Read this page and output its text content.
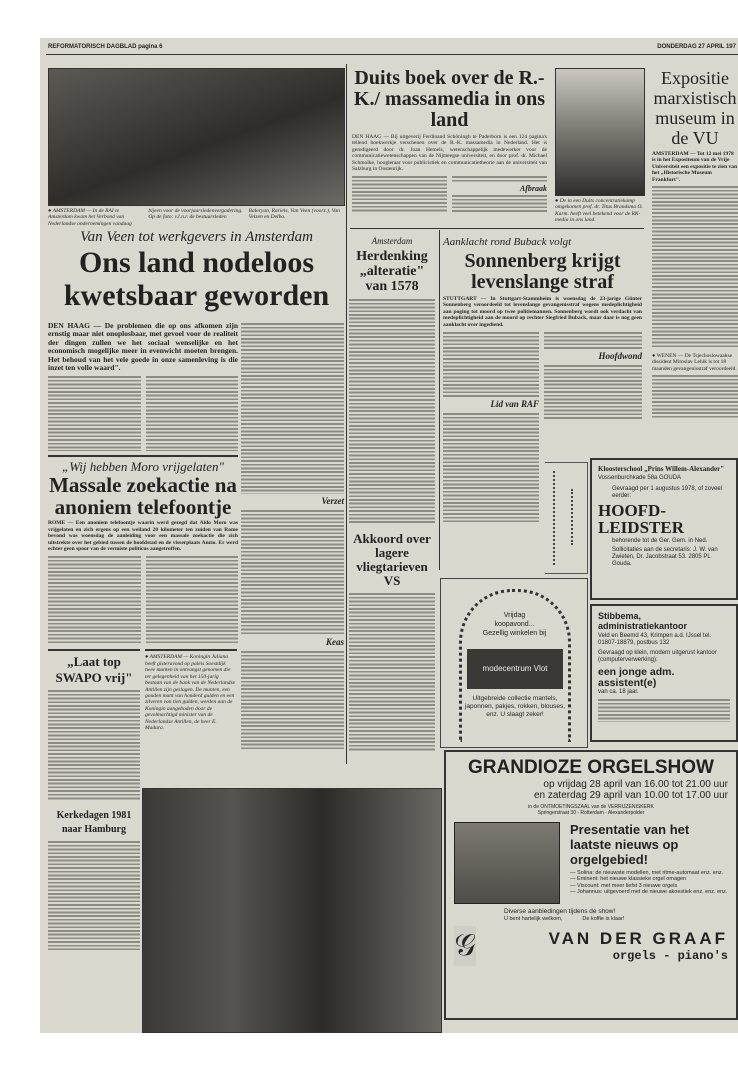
REFORMATORISCH DAGBLAD pagina 6	DONDERDAG 27 APRIL 197
● AMSTERDAM — In de RAI te Amsterdam kwam het Verbond van Nederlandse ondernemingen vandaag bijeen voor de voorjaarsledenvergadering. Op de foto: v.l.n.r. de bestuursleden Baleryan, Rariels, Van Veen (voorz.), Van Velzen en Delbo.
Van Veen tot werkgevers in Amsterdam
Ons land nodeloos kwetsbaar geworden
DEN HAAG — De problemen die op ons afkomen zijn ernstig maar niet onoplosbaar, met gevoel voor de realiteit der dingen zullen we het sociaal wenselijke en het economisch mogelijke meer in evenwicht moeten brengen. Het behoud van het vele goede in onze samenleving is die inzet ten volle waard".
„Wij hebben Moro vrijgelaten"
Massale zoekactie na anoniem telefoontje
ROME — Een anoniem telefoontje waarin werd gezegd dat Aldo Moro was vrijgelaten en zich ergens op een weiland 20 kilometer ten zuiden van Rome bevond was woensdag de aanleiding voor een massale zoekactie die zich uitstrekte over het gebied tussen de hoofdstad en de visserplaats Anzio. Er werd echter geen spoor van de vermiste politicus aangetroffen.
„Laat top SWAPO vrij"
Kerkedagen 1981 naar Hamburg
● AMSTERDAM — Koningin Juliana heeft gisteravond op paleis Soestdijk twee munten in ontvangst genomen die ter gelegenheid van het 150-jarig bestaan van de bank van de Nederlandse Antillen zijn geslagen. De munten, een gouden munt van honderd gulden en een zilveren van tien gulden, werden aan de Koningin aangeboden door de gevolmachtigd minister van de Nederlandse Antillen, de heer E. Madura.
Verzet
Keas
Duits boek over de R.-K./ massamedia in ons land
DEN HAAG — Bij uitgeverij Ferdinand Schöningh te Paderborn is een 124 pagina's tellend boekwerkje verschenen over de R.-K. massamedia in Nederland. Het is geredigeerd door dr. Joan Hemels, wetenschappelijk medewerker voor de communicatiewetenschappen van de Nijmeegse universiteit, en door prof. dr. Michael Schmolke, hoogleraar voor publicistiek en communicatietheorie aan de universiteit van Salzburg in Oostenrijk.
Afbraak
● De in een Duits concentratiekamp omgekomen prof. dr. Titus Brandsma O. Karm. heeft veel betekend voor de RK-media in ons land.
Expositie marxistisch museum in de VU
AMSTERDAM — Tot 12 mei 1978 is in het Expositeum van de Vrije Universiteit een expositie te zien van het „Historische Museum Frankfurt".
● WENEN — De Tsjechoslowaakse dissident Miroslav Lehik is tot 18 maanden gevangenisstraf veroordeeld.
Amsterdam
Herdenking „alteratie" van 1578
Akkoord over lagere vliegtarieven VS
Aanklacht rond Buback volgt
Sonnenberg krijgt levenslange straf
STUTTGART — In Stuttgart-Stammheim is woensdag de 23-jarige Günter Sonnenberg veroordeeld tot levenslange gevangenisstraf wegens medeplichtigheid aan poging tot moord op twee politiemannen. Sonnenberg wordt ook verdacht van medeplichtigheid aan de moord op rechter Siegfried Buback, maar daar is nog geen aanklacht over ingediend.
Lid van RAF
Hoofdwond
Kloosterschool „Prins Willem-Alexander"
Vossenburchkade 58a GOUDA
Gevraagd per 1 augustus 1978, of zoveel eerder:
HOOFD-LEIDSTER
behorende tot de Ger. Gem. in Ned.
Sollicitaties aan de secretaris: J. W. van Zwieten, Dr. Jacobstraat 53. 2805 PL Gouda.
Stibbema, administratiekantoor
Veld en Beemd 43, Krimpen a.d. IJssel tel. 01807-18879, postbus 132
Gevraagd op klein, modern uitgerust kantoor (computerverwerking):
een jonge adm. assistent(e)
van ca. 18 jaar.
Vrijdag
koopavond...
Gezellig winkelen bij
modecentrum Vlot
Uitgebreide collectie mantels, japonnen, pakjes, rokken, blouses, enz. U slaagt zeker!
GRANDIOZE ORGELSHOW
op vrijdag 28 april van 16.00 tot 21.00 uur
en zaterdag 29 april van 10.00 tot 17.00 uur
in de ONTMOETINGSZAAL van de VERRIJZENISKERK
Springerstraat 30 - Rotterdam - Alexanderpolder
Presentatie van het laatste nieuws op orgelgebied!
— Solina: de nieuwste modellen, met ritme-automaat enz. enz.
— Eminent: het nieuwe klassieke orgel omagen
— Viscount: met meer liefst 3 nieuwe orgels
— Johannus: uitgevoerd met de nieuwe akoestiek enz. enz. enz.
Diverse aanbiedingen tijdens de show!
U bent hartelijk welkom,	De koffie is klaar!
𝒢	VAN DER GRAAF
orgels - piano's
